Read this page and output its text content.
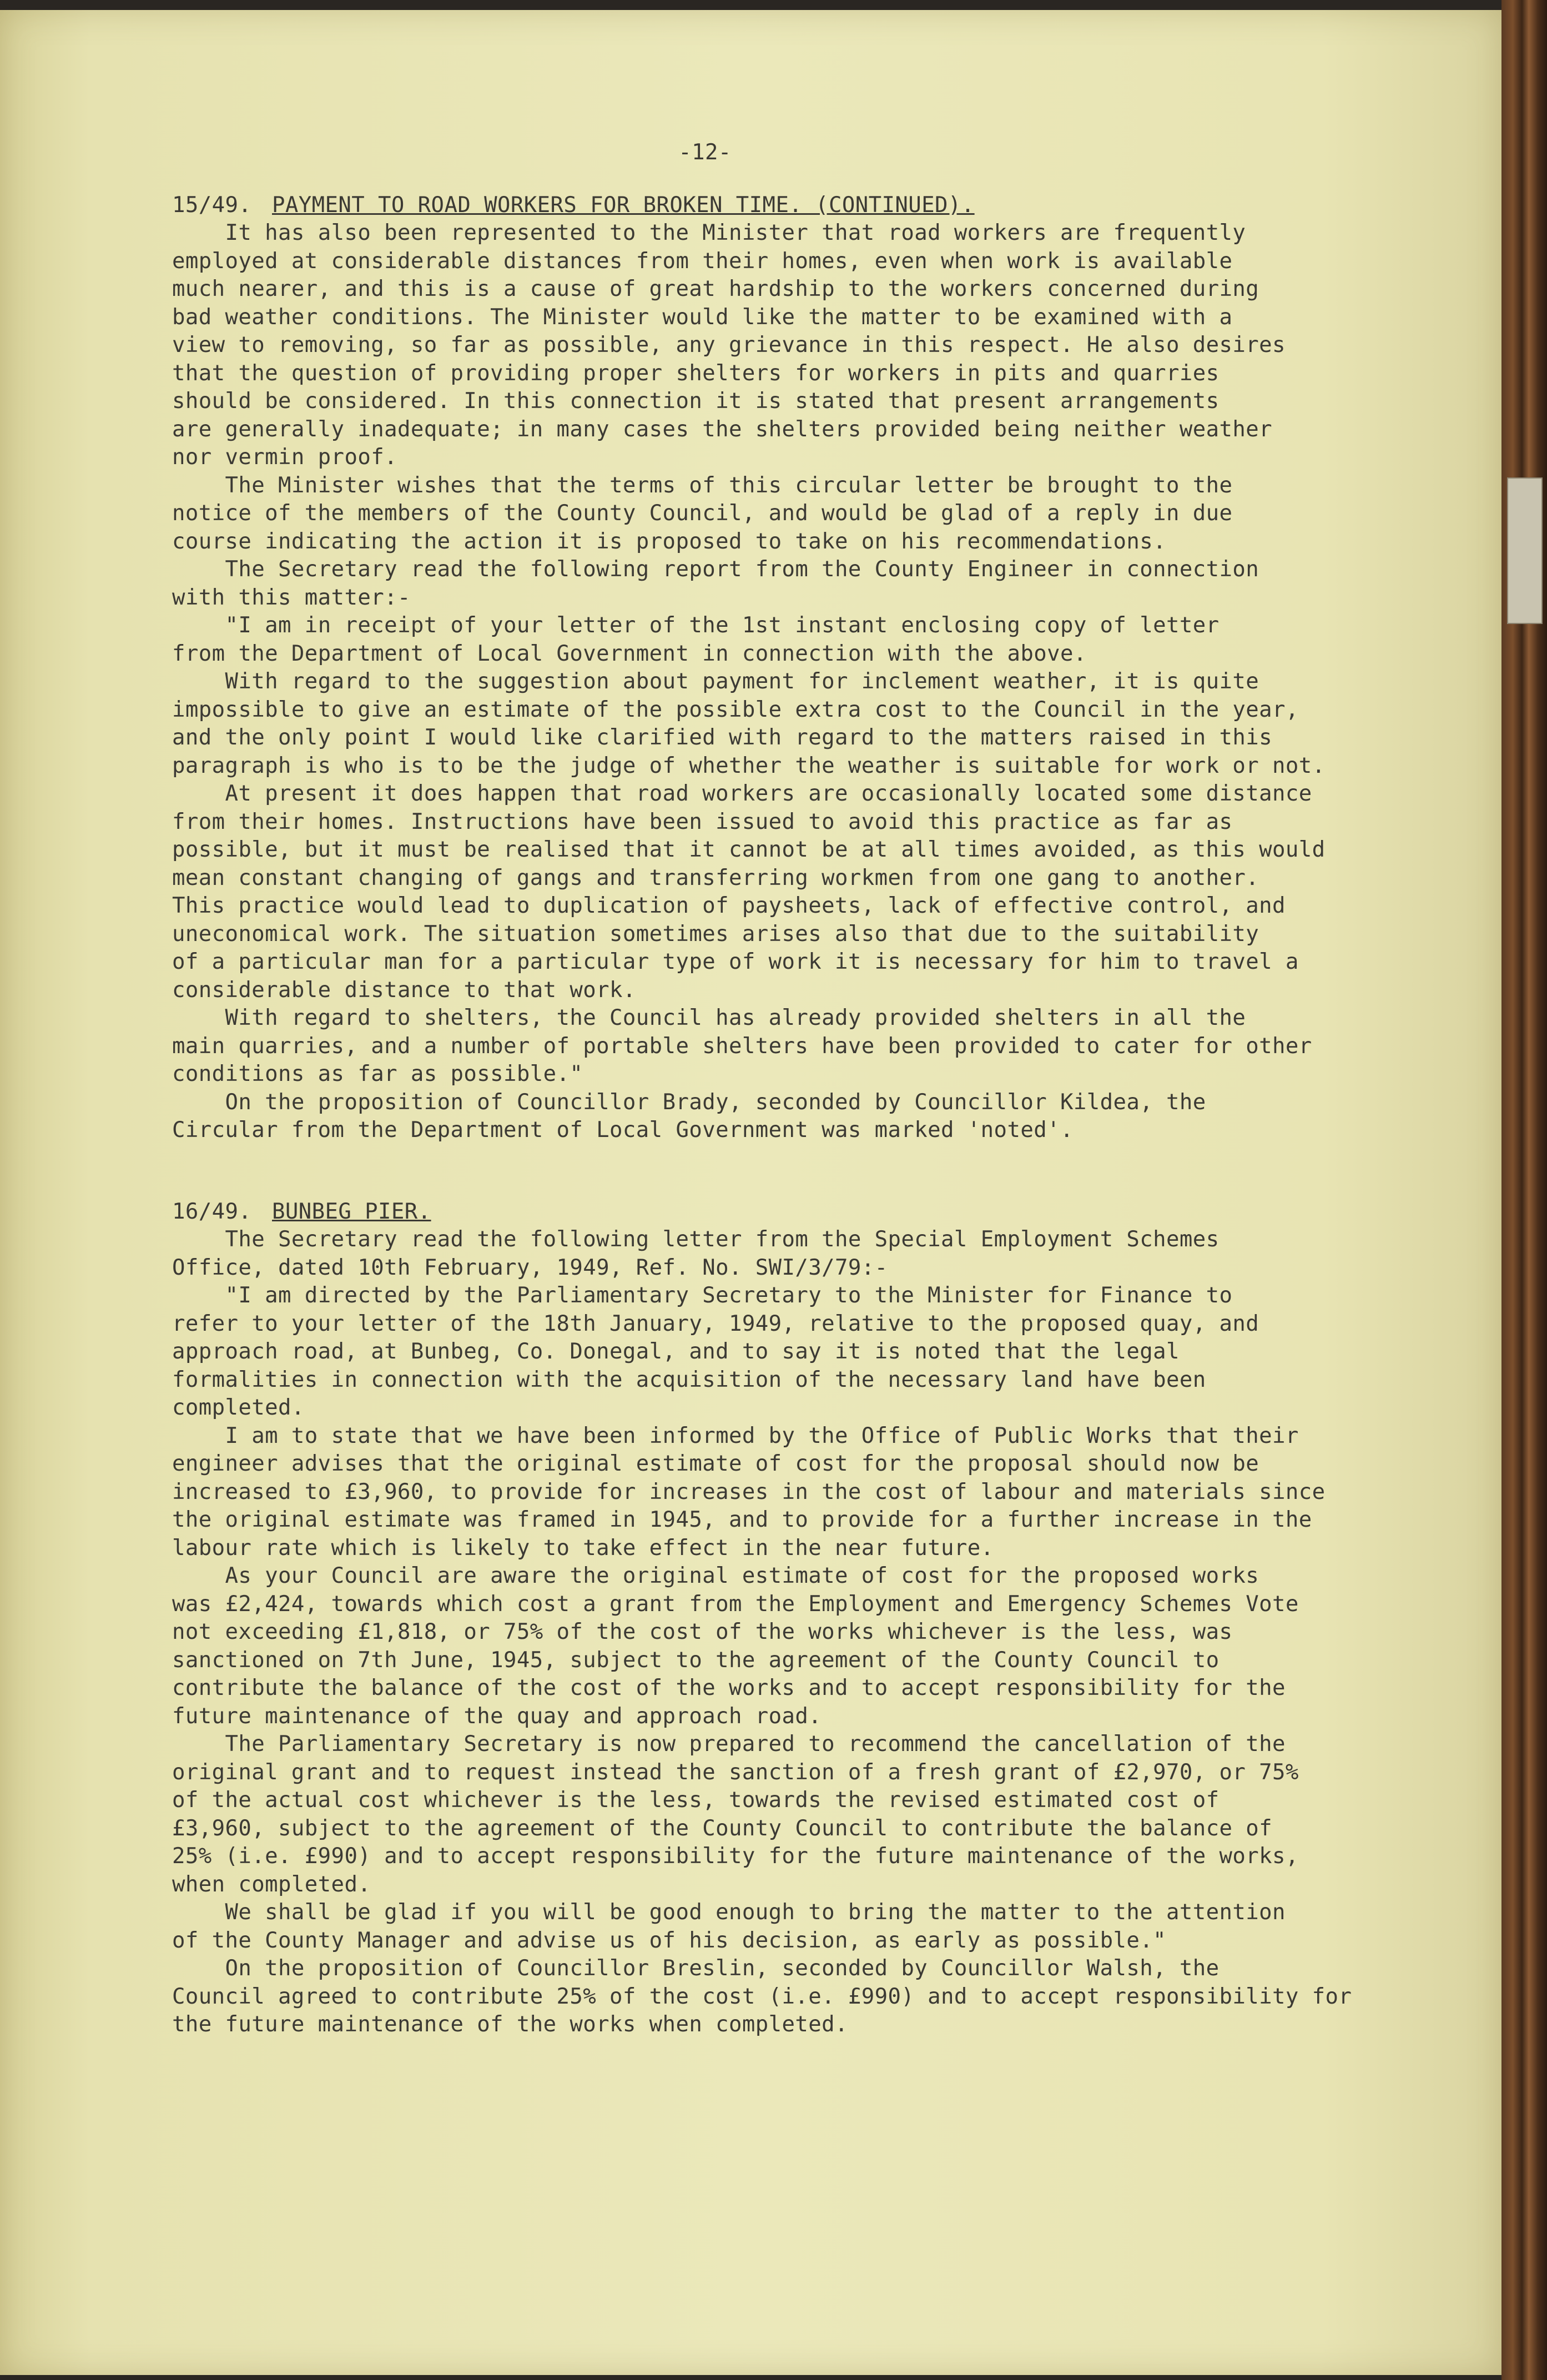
-12-
15/49. PAYMENT TO ROAD WORKERS FOR BROKEN TIME. (CONTINUED).
It has also been represented to the Minister that road workers are frequently
employed at considerable distances from their homes, even when work is available
much nearer, and this is a cause of great hardship to the workers concerned during
bad weather conditions. The Minister would like the matter to be examined with a
view to removing, so far as possible, any grievance in this respect. He also desires
that the question of providing proper shelters for workers in pits and quarries
should be considered. In this connection it is stated that present arrangements
are generally inadequate; in many cases the shelters provided being neither weather
nor vermin proof.
The Minister wishes that the terms of this circular letter be brought to the
notice of the members of the County Council, and would be glad of a reply in due
course indicating the action it is proposed to take on his recommendations.
The Secretary read the following report from the County Engineer in connection
with this matter:-
"I am in receipt of your letter of the 1st instant enclosing copy of letter
from the Department of Local Government in connection with the above.
With regard to the suggestion about payment for inclement weather, it is quite
impossible to give an estimate of the possible extra cost to the Council in the year,
and the only point I would like clarified with regard to the matters raised in this
paragraph is who is to be the judge of whether the weather is suitable for work or not.
At present it does happen that road workers are occasionally located some distance
from their homes. Instructions have been issued to avoid this practice as far as
possible, but it must be realised that it cannot be at all times avoided, as this would
mean constant changing of gangs and transferring workmen from one gang to another.
This practice would lead to duplication of paysheets, lack of effective control, and
uneconomical work. The situation sometimes arises also that due to the suitability
of a particular man for a particular type of work it is necessary for him to travel a
considerable distance to that work.
With regard to shelters, the Council has already provided shelters in all the
main quarries, and a number of portable shelters have been provided to cater for other
conditions as far as possible."
On the proposition of Councillor Brady, seconded by Councillor Kildea, the
Circular from the Department of Local Government was marked 'noted'.
16/49. BUNBEG PIER.
The Secretary read the following letter from the Special Employment Schemes
Office, dated 10th February, 1949, Ref. No. SWI/3/79:-
"I am directed by the Parliamentary Secretary to the Minister for Finance to
refer to your letter of the 18th January, 1949, relative to the proposed quay, and
approach road, at Bunbeg, Co. Donegal, and to say it is noted that the legal
formalities in connection with the acquisition of the necessary land have been
completed.
I am to state that we have been informed by the Office of Public Works that their
engineer advises that the original estimate of cost for the proposal should now be
increased to £3,960, to provide for increases in the cost of labour and materials since
the original estimate was framed in 1945, and to provide for a further increase in the
labour rate which is likely to take effect in the near future.
As your Council are aware the original estimate of cost for the proposed works
was £2,424, towards which cost a grant from the Employment and Emergency Schemes Vote
not exceeding £1,818, or 75% of the cost of the works whichever is the less, was
sanctioned on 7th June, 1945, subject to the agreement of the County Council to
contribute the balance of the cost of the works and to accept responsibility for the
future maintenance of the quay and approach road.
The Parliamentary Secretary is now prepared to recommend the cancellation of the
original grant and to request instead the sanction of a fresh grant of £2,970, or 75%
of the actual cost whichever is the less, towards the revised estimated cost of
£3,960, subject to the agreement of the County Council to contribute the balance of
25% (i.e. £990) and to accept responsibility for the future maintenance of the works,
when completed.
We shall be glad if you will be good enough to bring the matter to the attention
of the County Manager and advise us of his decision, as early as possible."
On the proposition of Councillor Breslin, seconded by Councillor Walsh, the
Council agreed to contribute 25% of the cost (i.e. £990) and to accept responsibility for
the future maintenance of the works when completed.
